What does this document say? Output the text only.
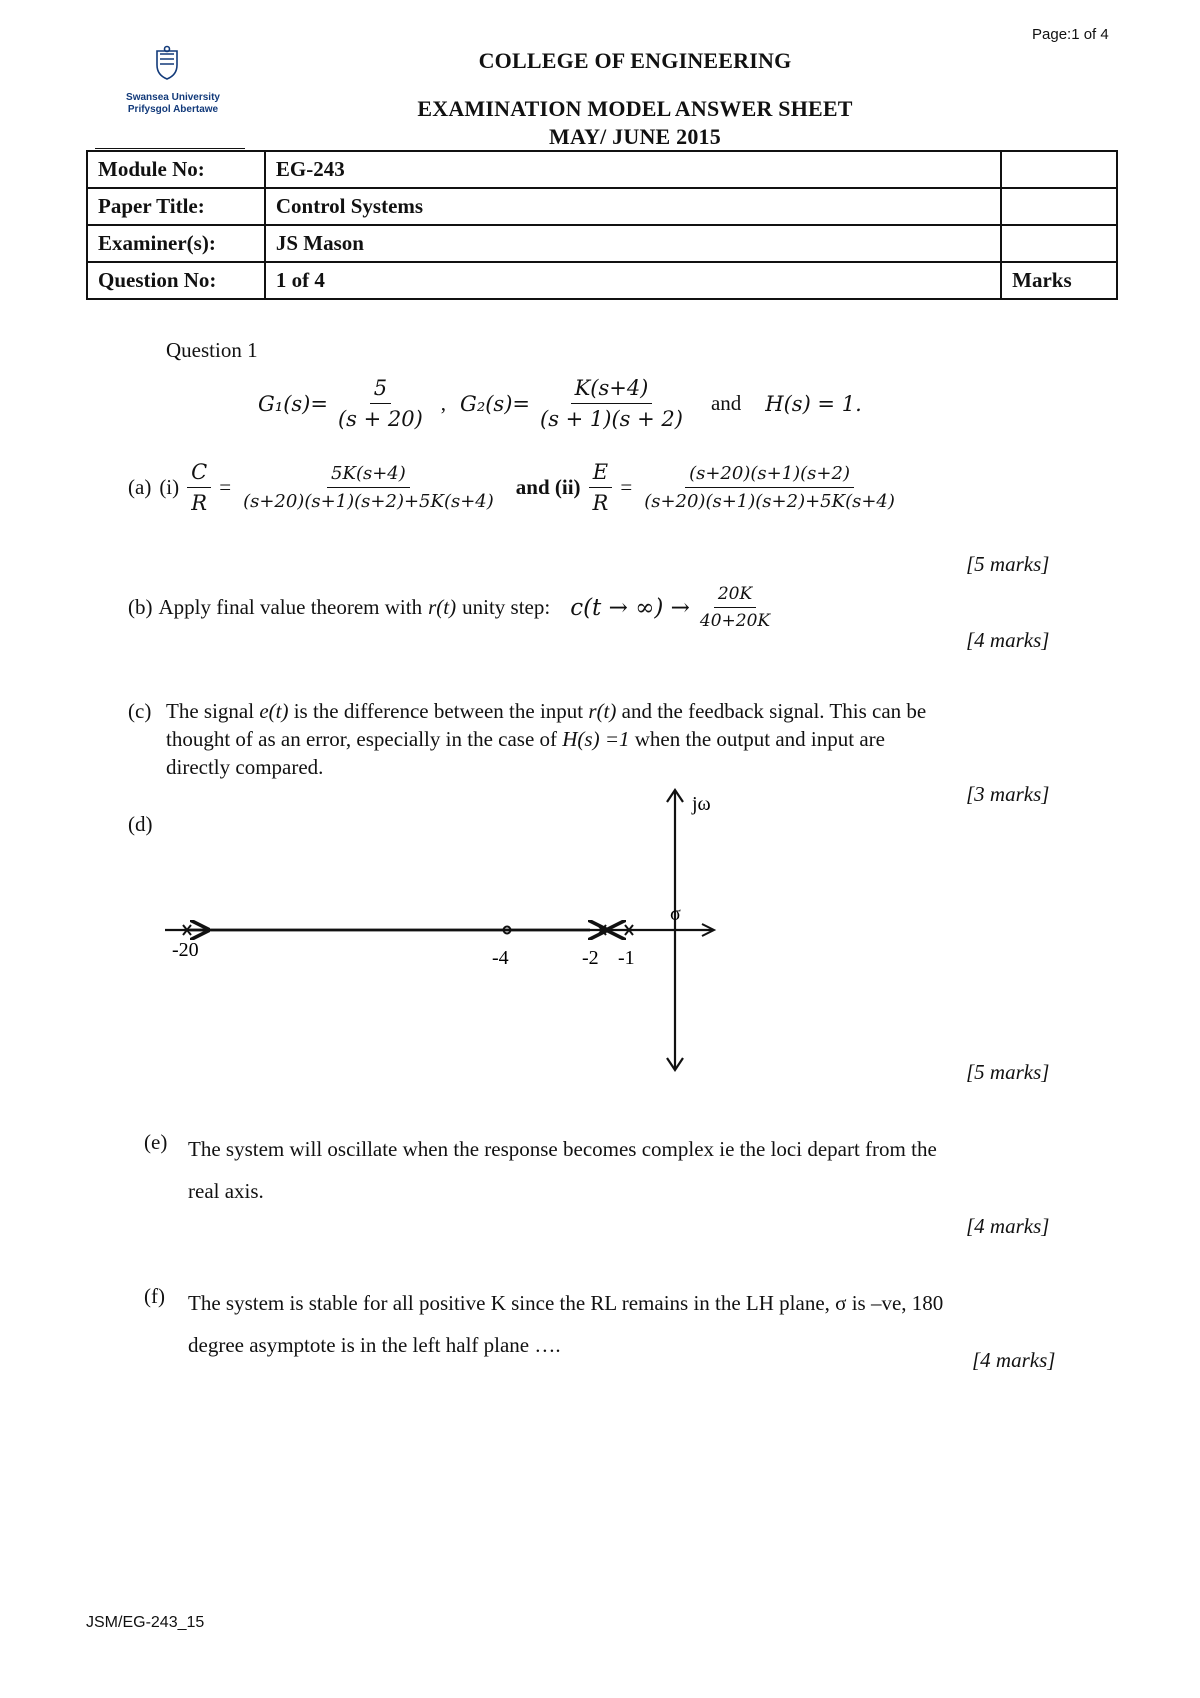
Page:1 of 4
Swansea University
Prifysgol Abertawe
COLLEGE OF ENGINEERING
EXAMINATION MODEL ANSWER SHEET
MAY/ JUNE 2015
Module No:	EG-243	
Paper Title:	Control Systems	
Examiner(s):	JS Mason	
Question No:	1 of 4	Marks
Question 1
$G_1(s)= \frac{5}{(s + 20)}$ , $G_2(s)= \frac{K(s+4)}{(s + 1)(s + 2)}$ and H(s) = 1.
(a) $(i) \frac{C}{R} = \frac{5K(s+4)}{(s+20)(s+1)(s+2)+5K(s+4)}$ and $(ii) \frac{E}{R} = \frac{(s+20)(s+1)(s+2)}{(s+20)(s+1)(s+2)+5K(s+4)}$
[5 marks]
(b) Apply final value theorem with r(t) unity step: c(t → ∞) → $\frac{20K}{40+20K}$
[4 marks]
(c) The signal e(t) is the difference between the input r(t) and the feedback signal. This can be
thought of as an error, especially in the case of H(s) =1 when the output and input are
directly compared.
[3 marks]
(d)
jω
σ
-20	-4	-2 -1
[5 marks]
(e) The system will oscillate when the response becomes complex ie the loci depart from the
real axis.
[4 marks]
(f) The system is stable for all positive K since the RL remains in the LH plane, σ is –ve, 180
degree asymptote is in the left half plane ….
[4 marks]
JSM/EG-243_15
